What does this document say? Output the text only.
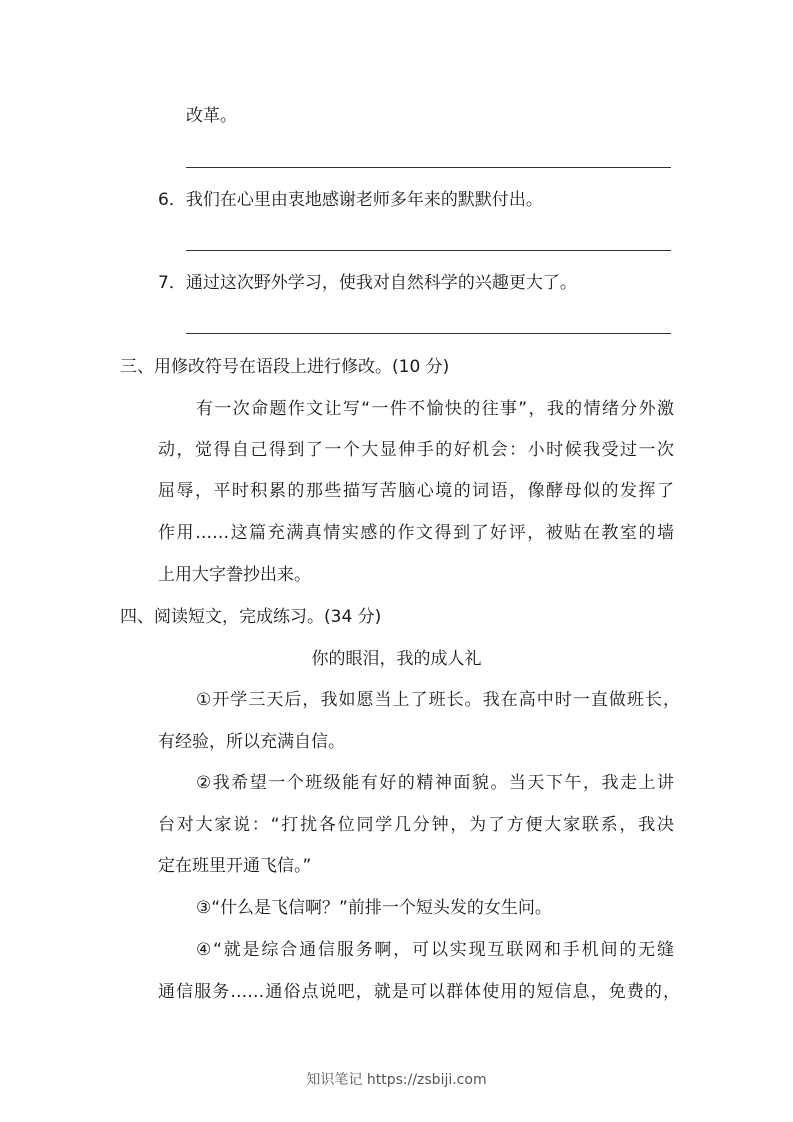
改革。
6．我们在心里由衷地感谢老师多年来的默默付出。
7．通过这次野外学习，使我对自然科学的兴趣更大了。
三、用修改符号在语段上进行修改。(10 分)
有一次命题作文让写“一件不愉快的往事”，我的情绪分外激
动，觉得自己得到了一个大显伸手的好机会：小时候我受过一次
屈辱，平时积累的那些描写苦脑心境的词语，像酵母似的发挥了
作用……这篇充满真情实感的作文得到了好评，被贴在教室的墙
上用大字誊抄出来。
四、阅读短文，完成练习。(34 分)
你的眼泪，我的成人礼
①开学三天后，我如愿当上了班长。我在高中时一直做班长，
有经验，所以充满自信。
②我希望一个班级能有好的精神面貌。当天下午，我走上讲
台对大家说：“打扰各位同学几分钟，为了方便大家联系，我决
定在班里开通飞信。”
③“什么是飞信啊？”前排一个短头发的女生问。
④“就是综合通信服务啊，可以实现互联网和手机间的无缝
通信服务……通俗点说吧，就是可以群体使用的短信息，免费的，
知识笔记 https://zsbiji.com
